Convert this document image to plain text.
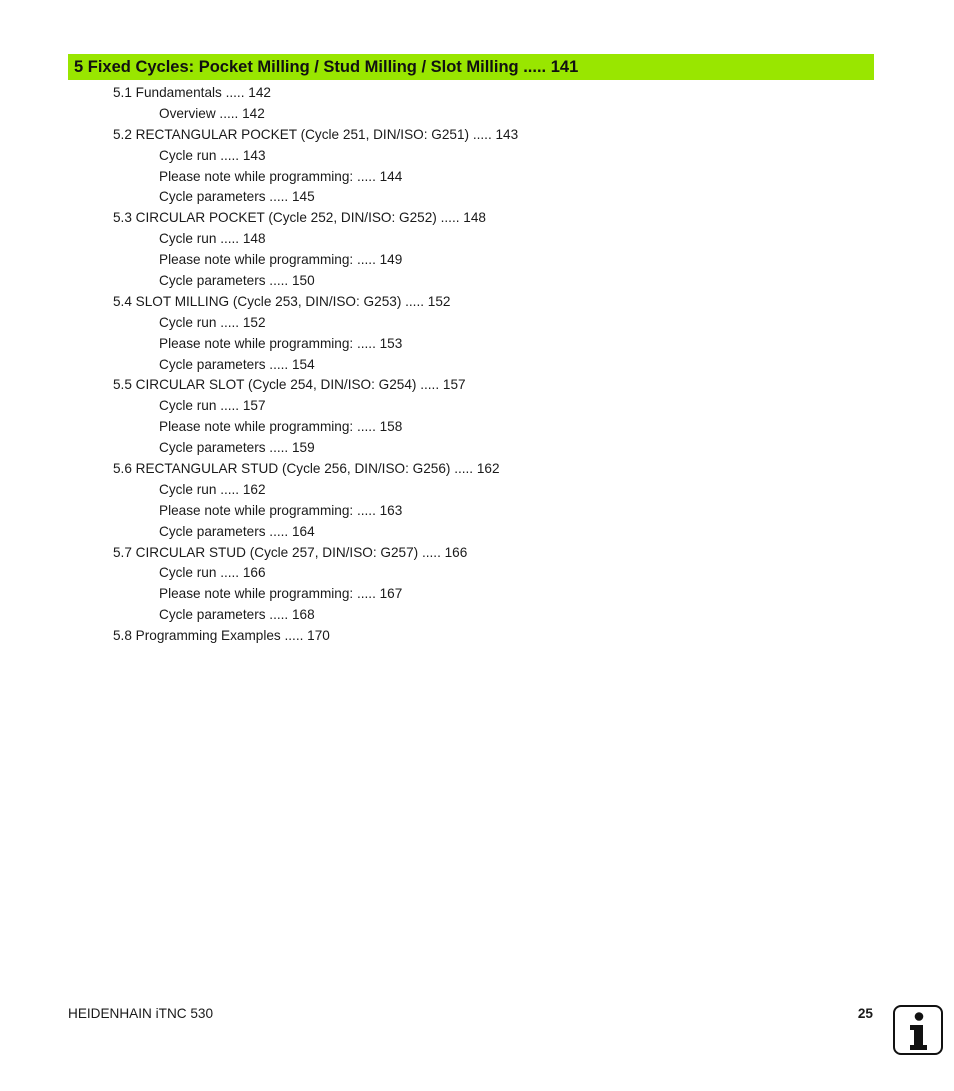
5 Fixed Cycles: Pocket Milling / Stud Milling / Slot Milling ..... 141
5.1 Fundamentals ..... 142
Overview ..... 142
5.2 RECTANGULAR POCKET (Cycle 251, DIN/ISO: G251) ..... 143
Cycle run ..... 143
Please note while programming: ..... 144
Cycle parameters ..... 145
5.3 CIRCULAR POCKET (Cycle 252, DIN/ISO: G252) ..... 148
Cycle run ..... 148
Please note while programming: ..... 149
Cycle parameters ..... 150
5.4 SLOT MILLING (Cycle 253, DIN/ISO: G253) ..... 152
Cycle run ..... 152
Please note while programming: ..... 153
Cycle parameters ..... 154
5.5 CIRCULAR SLOT (Cycle 254, DIN/ISO: G254) ..... 157
Cycle run ..... 157
Please note while programming: ..... 158
Cycle parameters ..... 159
5.6 RECTANGULAR STUD (Cycle 256, DIN/ISO: G256) ..... 162
Cycle run ..... 162
Please note while programming: ..... 163
Cycle parameters ..... 164
5.7 CIRCULAR STUD (Cycle 257, DIN/ISO: G257) ..... 166
Cycle run ..... 166
Please note while programming: ..... 167
Cycle parameters ..... 168
5.8 Programming Examples ..... 170
HEIDENHAIN iTNC 530	25
